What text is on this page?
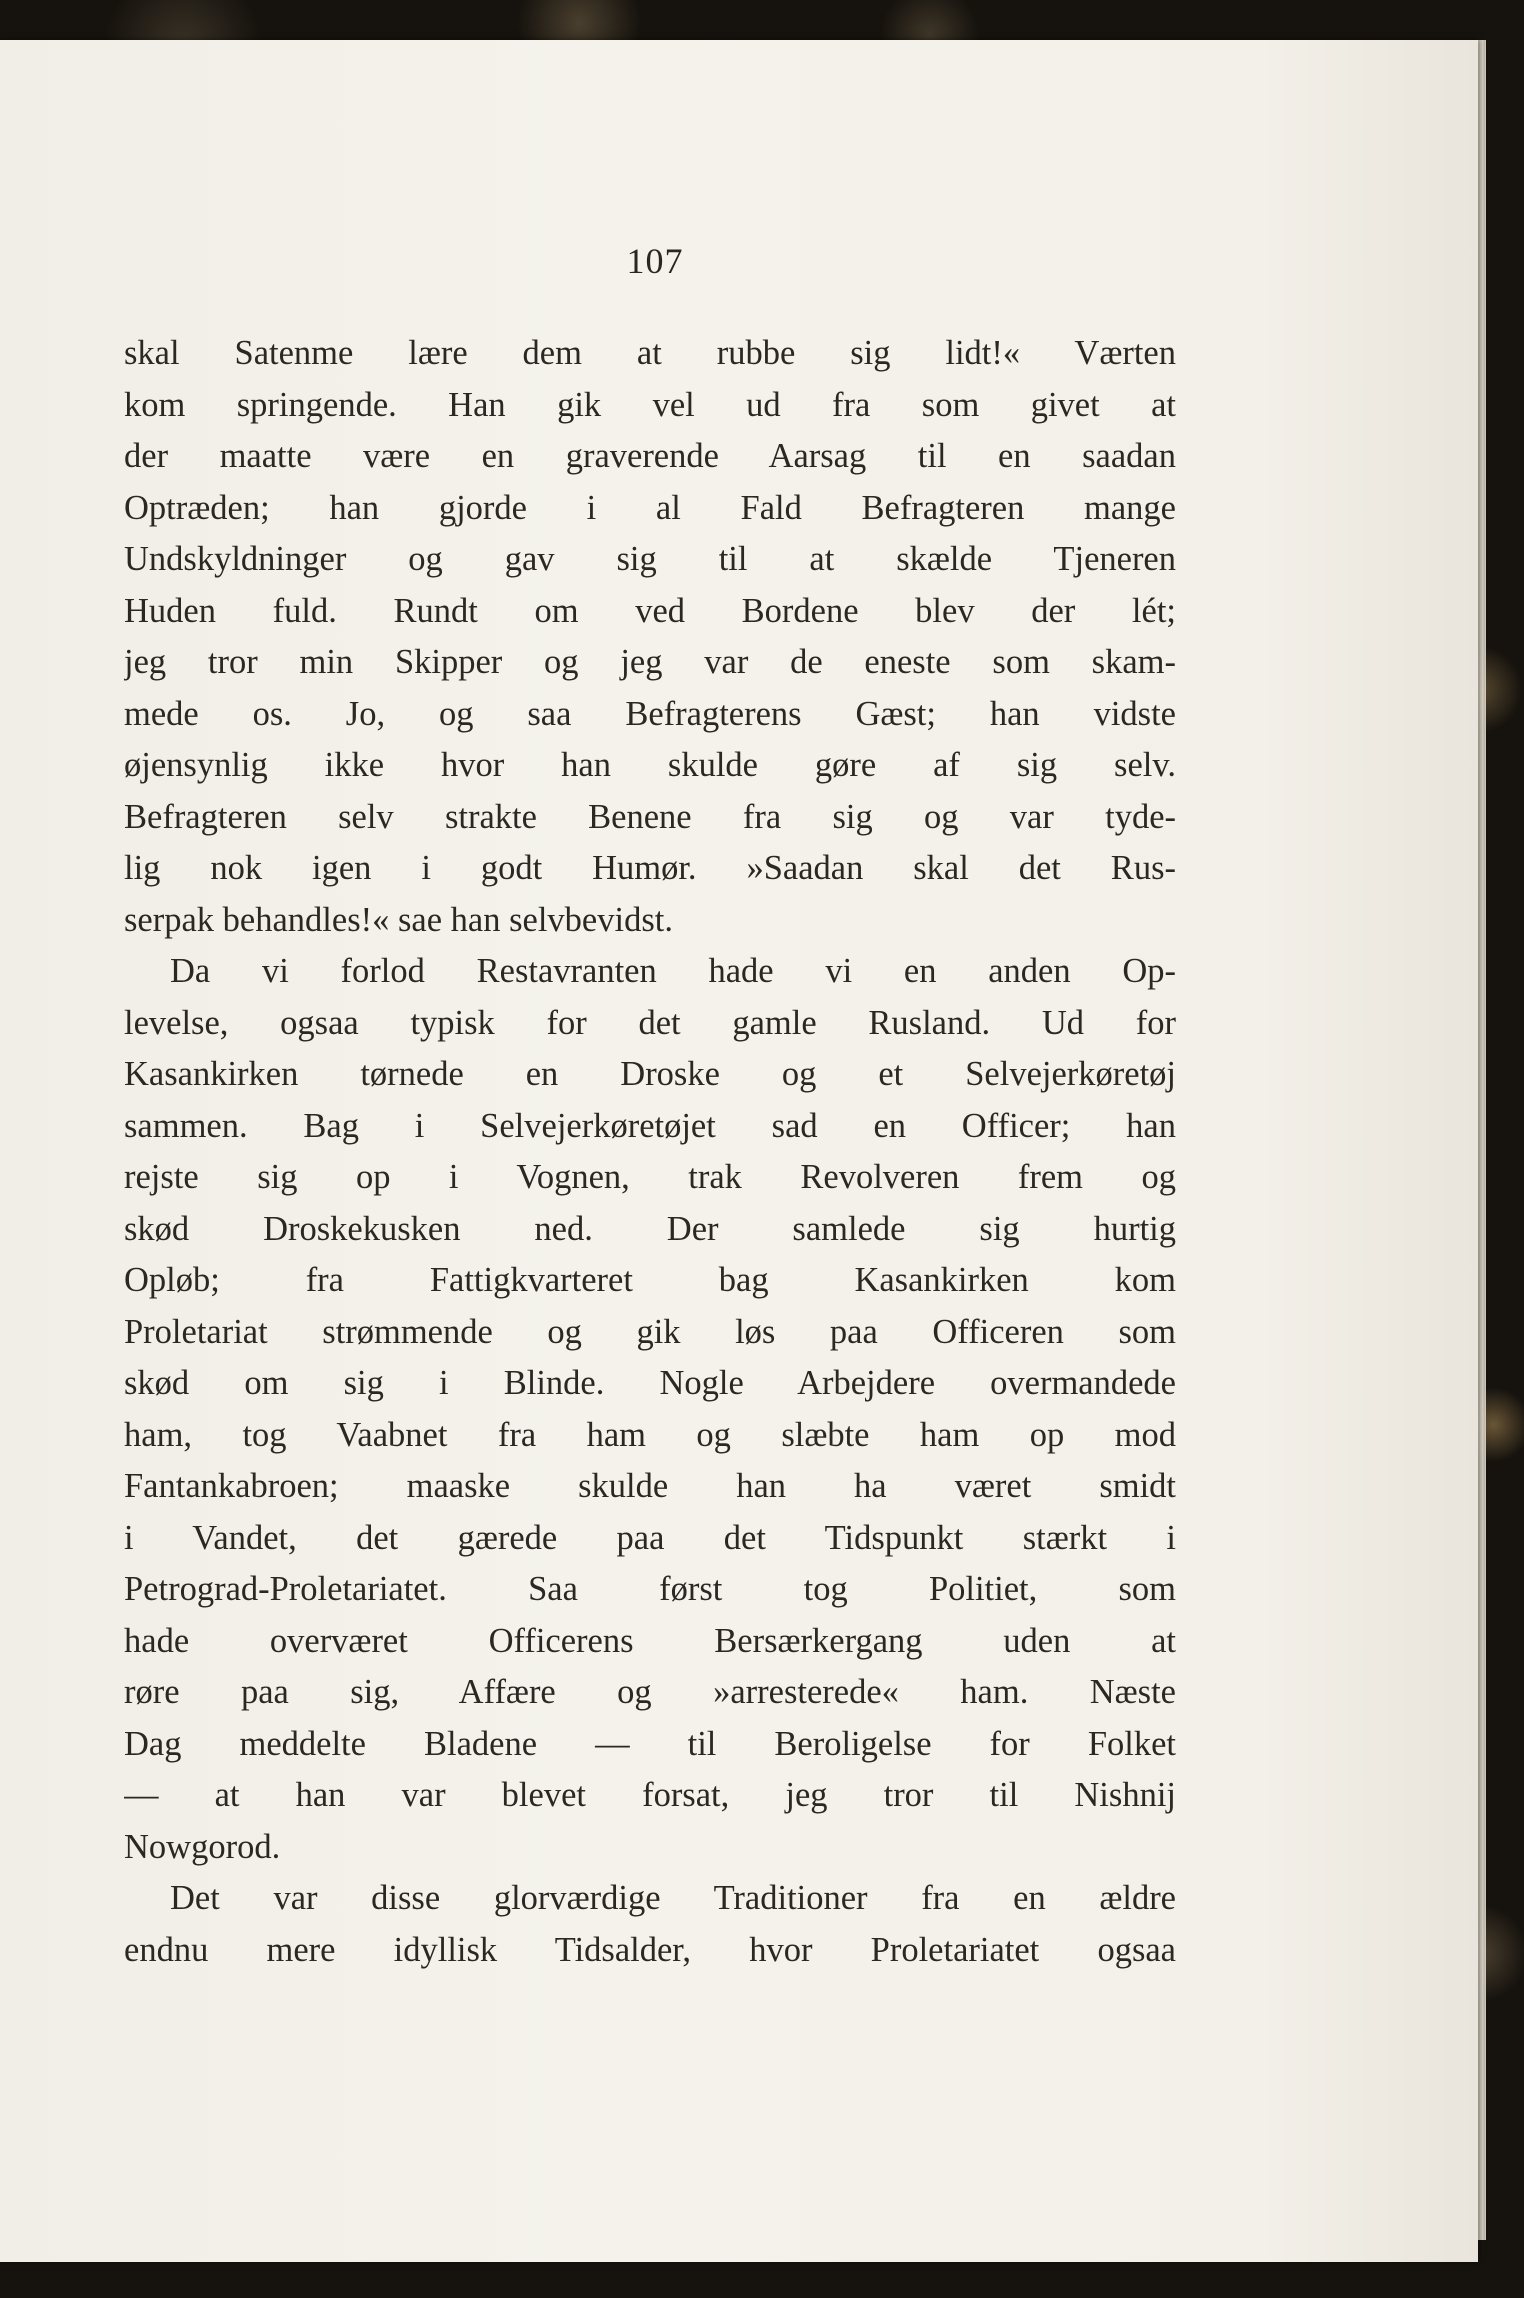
107
skal Satenme lære dem at rubbe sig lidt!« Værten
kom springende. Han gik vel ud fra som givet at
der maatte være en graverende Aarsag til en saadan
Optræden; han gjorde i al Fald Befragteren mange
Undskyldninger og gav sig til at skælde Tjeneren
Huden fuld. Rundt om ved Bordene blev der lét;
jeg tror min Skipper og jeg var de eneste som skam-
mede os. Jo, og saa Befragterens Gæst; han vidste
øjensynlig ikke hvor han skulde gøre af sig selv.
Befragteren selv strakte Benene fra sig og var tyde-
lig nok igen i godt Humør. »Saadan skal det Rus-
serpak behandles!« sae han selvbevidst.
Da vi forlod Restavranten hade vi en anden Op-
levelse, ogsaa typisk for det gamle Rusland. Ud for
Kasankirken tørnede en Droske og et Selvejerkøretøj
sammen. Bag i Selvejerkøretøjet sad en Officer; han
rejste sig op i Vognen, trak Revolveren frem og
skød Droskekusken ned. Der samlede sig hurtig
Opløb; fra Fattigkvarteret bag Kasankirken kom
Proletariat strømmende og gik løs paa Officeren som
skød om sig i Blinde. Nogle Arbejdere overmandede
ham, tog Vaabnet fra ham og slæbte ham op mod
Fantankabroen; maaske skulde han ha været smidt
i Vandet, det gærede paa det Tidspunkt stærkt i
Petrograd-Proletariatet. Saa først tog Politiet, som
hade overværet Officerens Bersærkergang uden at
røre paa sig, Affære og »arresterede« ham. Næste
Dag meddelte Bladene — til Beroligelse for Folket
— at han var blevet forsat, jeg tror til Nishnij
Nowgorod.
Det var disse glorværdige Traditioner fra en ældre
endnu mere idyllisk Tidsalder, hvor Proletariatet ogsaa
